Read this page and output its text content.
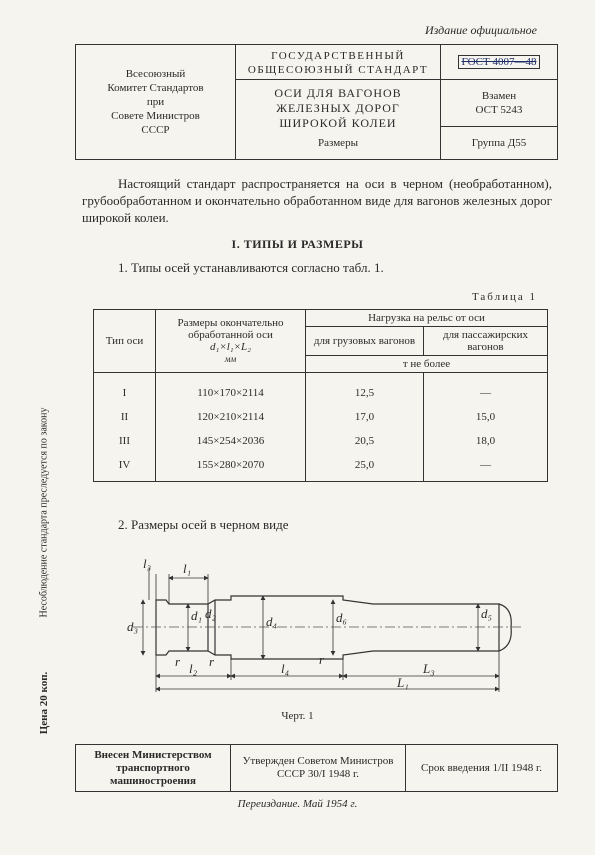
Издание официальное
Всесоюзный
Комитет Стандартов
при
Совете Министров
СССР
ГОСУДАРСТВЕННЫЙ
ОБЩЕСОЮЗНЫЙ СТАНДАРТ
ОСИ ДЛЯ ВАГОНОВ
ЖЕЛЕЗНЫХ ДОРОГ
ШИРОКОЙ КОЛЕИ
Размеры
ГОСТ 4007—48
Взамен
ОСТ 5243
Группа Д55
Настоящий стандарт распространяется на оси в черном (необработанном), грубообработанном и окончательно обработанном виде для вагонов железных дорог широкой колеи.
I. ТИПЫ И РАЗМЕРЫ
1. Типы осей устанавливаются согласно табл. 1.
Таблица 1
Тип оси	Размеры окончательно обработанной оси
d₁×l₁×L₂
мм	Нагрузка на рельс от оси	
		для грузовых вагонов	для пассажирских вагонов
		т не более	
I	110×170×2114	12,5	—
II	120×210×2114	17,0	15,0
III	145×254×2036	20,5	18,0
IV	155×280×2070	25,0	—
2. Размеры осей в черном виде
l₃ l₁
d₃
d₁ d₂
d₄	d₆	d₅
r r	r
l₂	l₄	L₃
L₁
Черт. 1
Внесен Министерством транспортного машиностроения
Утвержден Советом Министров СССР 30/I 1948 г.
Срок введения 1/II 1948 г.
Переиздание. Май 1954 г.
Несоблюдение стандарта преследуется по закону
Цена 20 коп.
